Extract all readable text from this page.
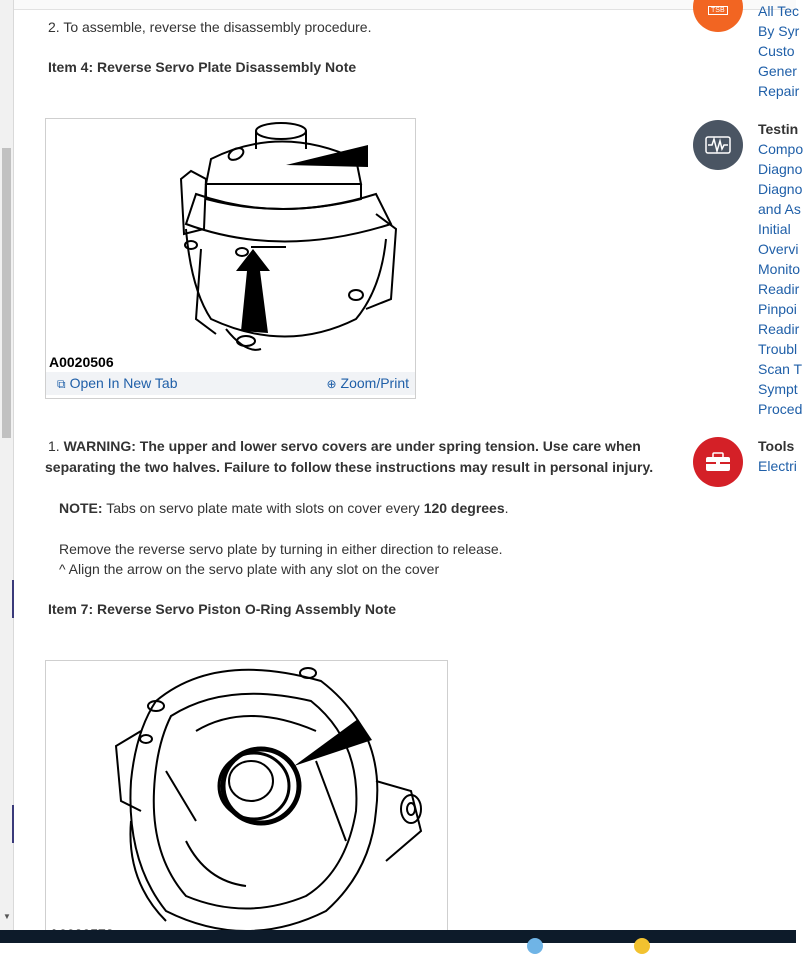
▼
2. To assemble, reverse the disassembly procedure.
Item 4: Reverse Servo Plate Disassembly Note
A0020506
⧉ Open In New Tab	⊕ Zoom/Print
1. WARNING: The upper and lower servo covers are under spring tension. Use care when
separating the two halves. Failure to follow these instructions may result in personal injury.
NOTE: Tabs on servo plate mate with slots on cover every 120 degrees.
Remove the reverse servo plate by turning in either direction to release.
^ Align the arrow on the servo plate with any slot on the cover
Item 7: Reverse Servo Piston O-Ring Assembly Note
TSB All Tec
By Syr
Custo
Gener
Repair
Testin
Compo
Diagno
Diagno
and As
Initial
Overvi
Monito
Readir
Pinpoi
Readir
Troubl
Scan T
Sympt
Proced
Tools
Electri
